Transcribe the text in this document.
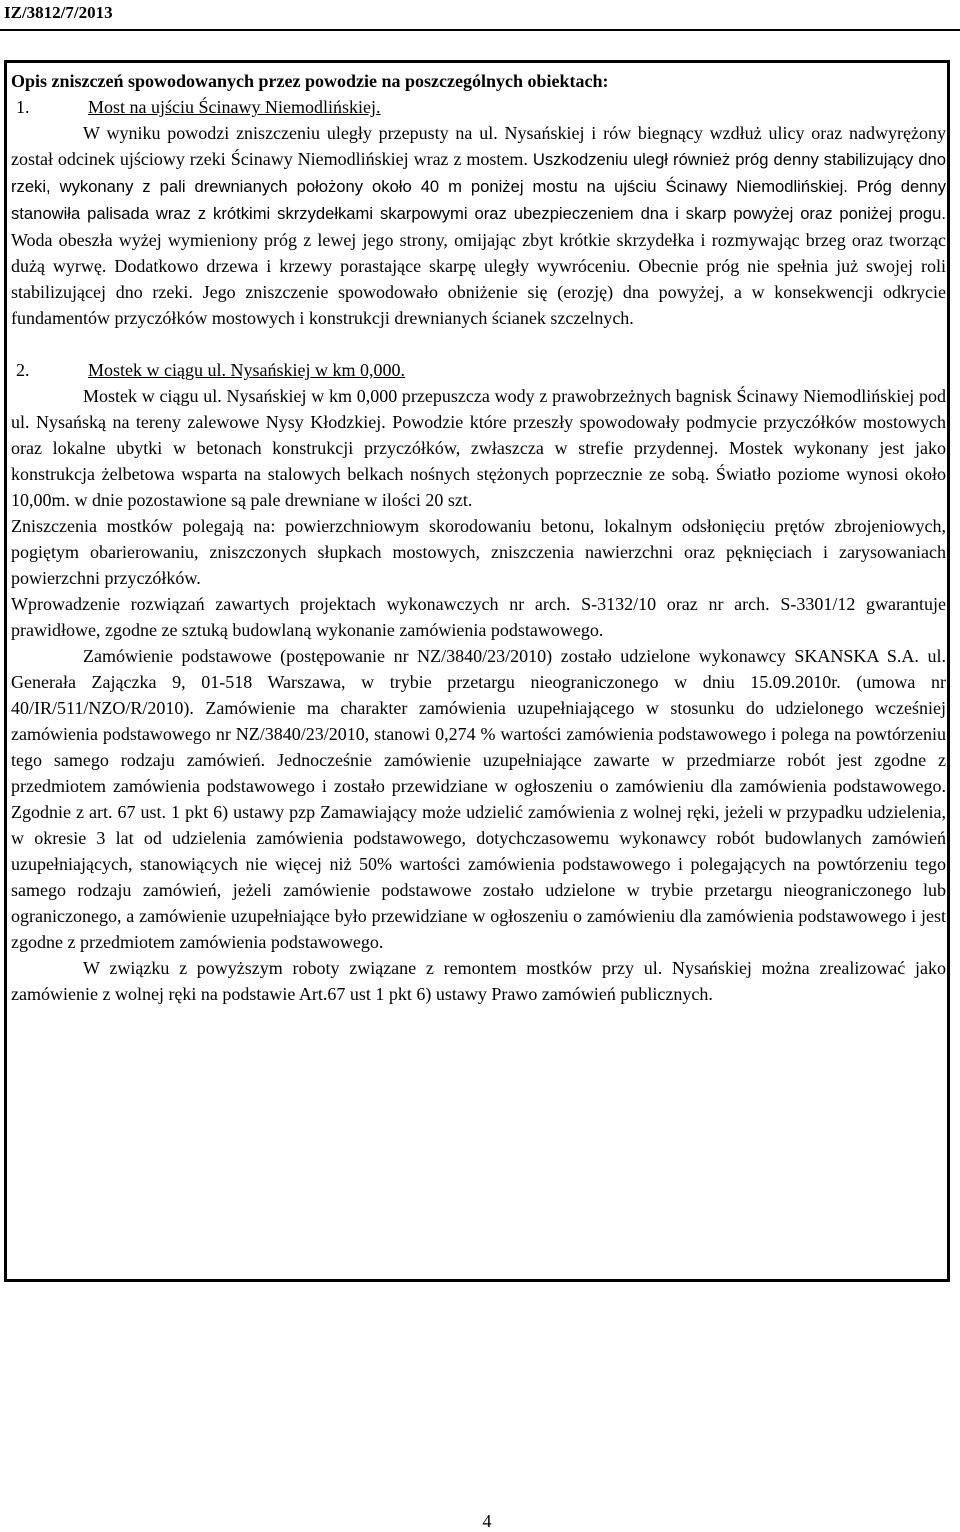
IZ/3812/7/2013

Opis zniszczeń spowodowanych przez powodzie na poszczególnych obiektach:

1.	Most na ujściu Ścinawy Niemodlińskiej.

W wyniku powodzi zniszczeniu uległy przepusty na ul. Nysańskiej i rów biegnący wzdłuż ulicy oraz nadwyrężony został odcinek ujściowy rzeki Ścinawy Niemodlińskiej wraz z mostem. Uszkodzeniu uległ również próg denny stabilizujący dno rzeki, wykonany z pali drewnianych położony około 40 m poniżej mostu na ujściu Ścinawy Niemodlińskiej. Próg denny stanowiła palisada wraz z krótkimi skrzydełkami skarpowymi oraz ubezpieczeniem dna i skarp powyżej oraz poniżej progu. Woda obeszła wyżej wymieniony próg z lewej jego strony, omijając zbyt krótkie skrzydełka i rozmywając brzeg oraz tworząc dużą wyrwę. Dodatkowo drzewa i krzewy porastające skarpę uległy wywróceniu. Obecnie próg nie spełnia już swojej roli stabilizującej dno rzeki. Jego zniszczenie spowodowało obniżenie się (erozję) dna powyżej, a w konsekwencji odkrycie fundamentów przyczółków mostowych i konstrukcji drewnianych ścianek szczelnych.

2.	Mostek w ciągu ul. Nysańskiej w km 0,000.

Mostek w ciągu ul. Nysańskiej w km 0,000 przepuszcza wody z prawobrzeżnych bagnisk Ścinawy Niemodlińskiej pod ul. Nysańską na tereny zalewowe Nysy Kłodzkiej. Powodzie które przeszły spowodowały podmycie przyczółków mostowych oraz lokalne ubytki w betonach konstrukcji przyczółków, zwłaszcza w strefie przydennej. Mostek wykonany jest jako konstrukcja żelbetowa wsparta na stalowych belkach nośnych stężonych poprzecznie ze sobą. Światło poziome wynosi około 10,00m. w dnie pozostawione są pale drewniane w ilości 20 szt.

Zniszczenia mostków polegają na: powierzchniowym skorodowaniu betonu, lokalnym odsłonięciu prętów zbrojeniowych, pogiętym obarierowaniu, zniszczonych słupkach mostowych, zniszczenia nawierzchni oraz pęknięciach i zarysowaniach powierzchni przyczółków.

Wprowadzenie rozwiązań zawartych projektach wykonawczych nr arch. S-3132/10 oraz nr arch. S-3301/12 gwarantuje prawidłowe, zgodne ze sztuką budowlaną wykonanie zamówienia podstawowego.

Zamówienie podstawowe (postępowanie nr NZ/3840/23/2010) zostało udzielone wykonawcy SKANSKA S.A. ul. Generała Zajączka 9, 01-518 Warszawa, w trybie przetargu nieograniczonego w dniu 15.09.2010r. (umowa nr 40/IR/511/NZO/R/2010). Zamówienie ma charakter zamówienia uzupełniającego w stosunku do udzielonego wcześniej zamówienia podstawowego nr NZ/3840/23/2010, stanowi 0,274 % wartości zamówienia podstawowego i polega na powtórzeniu tego samego rodzaju zamówień. Jednocześnie zamówienie uzupełniające zawarte w przedmiarze robót jest zgodne z przedmiotem zamówienia podstawowego i zostało przewidziane w ogłoszeniu o zamówieniu dla zamówienia podstawowego. Zgodnie z art. 67 ust. 1 pkt 6) ustawy pzp Zamawiający może udzielić zamówienia z wolnej ręki, jeżeli w przypadku udzielenia, w okresie 3 lat od udzielenia zamówienia podstawowego, dotychczasowemu wykonawcy robót budowlanych zamówień uzupełniających, stanowiących nie więcej niż 50% wartości zamówienia podstawowego i polegających na powtórzeniu tego samego rodzaju zamówień, jeżeli zamówienie podstawowe zostało udzielone w trybie przetargu nieograniczonego lub ograniczonego, a zamówienie uzupełniające było przewidziane w ogłoszeniu o zamówieniu dla zamówienia podstawowego i jest zgodne z przedmiotem zamówienia podstawowego.

W związku z powyższym roboty związane z remontem mostków przy ul. Nysańskiej można zrealizować jako zamówienie z wolnej ręki na podstawie Art.67 ust 1 pkt 6) ustawy Prawo zamówień publicznych.

4
